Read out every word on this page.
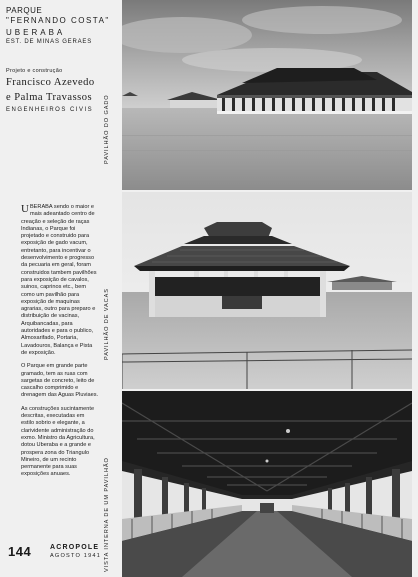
PARQUE
"FERNANDO COSTA"
UBERABA
EST. DE MINAS GERAES
Projeto e construção
Francisco Azevedo
e Palma Travassos
ENGENHEIROS CIVIS

UBERABA sendo o maior e mais adeantado centro de creação e seleção de raças Indianas, o Parque foi projetado e construido para exposição de gado vacum, entretanto, para incentivar o desenvolvimento e progresso da pecuaria em geral, foram construidos tambem pavilhões para exposição de cavalos, suinos, caprinos etc., bem como um pavilhão para exposição de maquinas agrarias, outro para preparo e distribuição de vacinas, Arquibancadas, para autoridades e para o publico, Almoxarifado, Portaria, Lavadouros, Balança e Pista de exposição.

O Parque em grande parte gramado, tem as ruas com sargetas de concreto, leito de cascalho comprimido e drenagem das Aguas Pluviaes.

As construções sucintamente descritas, executadas em estilo sobrio e elegante, a clarividente administração do exmo. Ministro da Agricultura, dotou Uberaba e a grande e prospera zona do Triangulo Mineiro, de um recinto permanente para suas exposições anuaes.

144	ACROPOLE
AGOSTO 1941
PAVILHÃO DO GADO
PAVILHÃO DE VACAS
VISTA INTERNA DE UM PAVILHÃO
